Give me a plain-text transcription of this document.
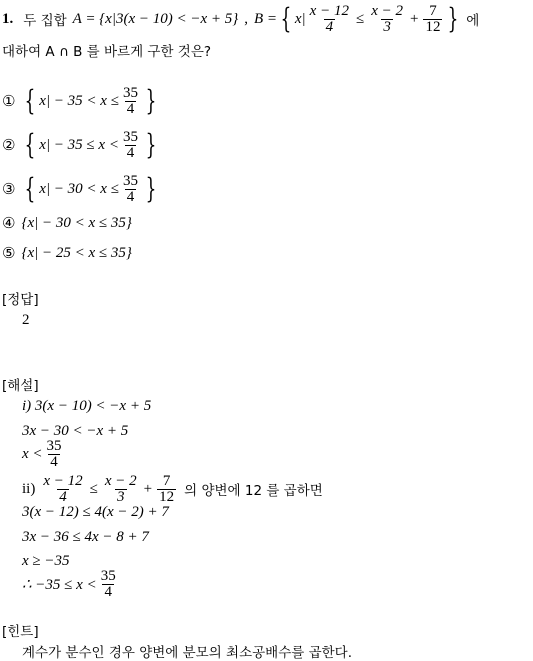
1. 두 집합 A = {x|3(x − 10) < −x + 5} , B = { $x| \frac{x - 12}{4} \le \frac{x - 2}{3} + \frac{7}{12}$ } 에
대하여 A ∩ B 를 바르게 구한 것은?
① { $x| - 35 < x \le \frac{35}{4}$ }
② { $x| - 35 \le x < \frac{35}{4}$ }
③ { $x| - 30 < x \le \frac{35}{4}$ }
④ {x| − 30 < x ≤ 35}
⑤ {x| − 25 < x ≤ 35}
[정답]
2
[해설]
i) 3(x − 10) < −x + 5
3x − 30 < −x + 5
$x < \frac{35}{4}$
$ii) \frac{x - 12}{4} \le \frac{x - 2}{3} + \frac{7}{12}$ 의 양변에 12 를 곱하면
3(x − 12) ≤ 4(x − 2) + 7
3x − 36 ≤ 4x − 8 + 7
x ≥ −35
∴ $-35 \le x < \frac{35}{4}$
[힌트]
계수가 분수인 경우 양변에 분모의 최소공배수를 곱한다.
